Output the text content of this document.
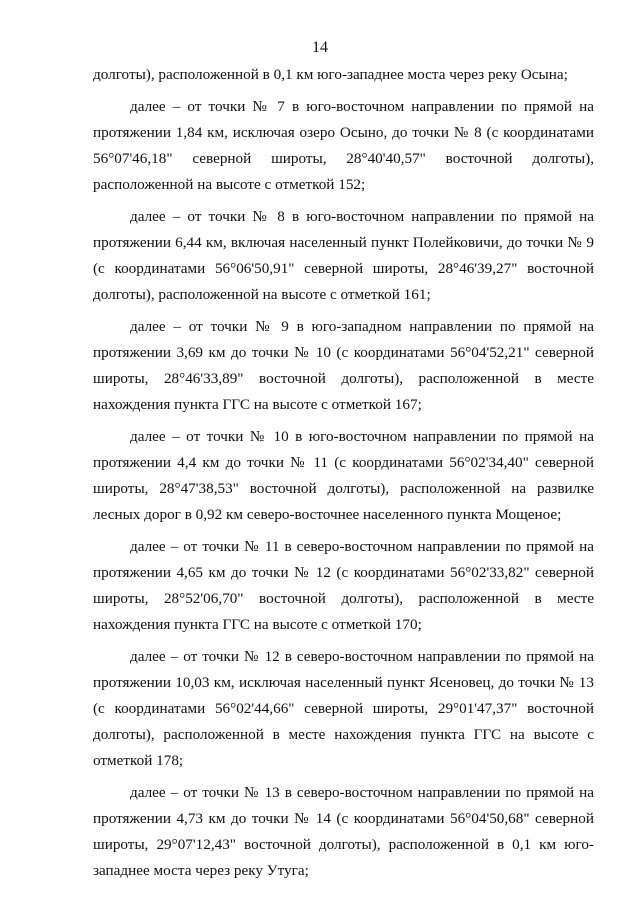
14

долготы), расположенной в 0,1 км юго-западнее моста через реку Осына;

далее – от точки № 7 в юго-восточном направлении по прямой на протяжении 1,84 км, исключая озеро Осыно, до точки № 8 (с координатами 56°07'46,18" северной широты, 28°40'40,57" восточной долготы), расположенной на высоте с отметкой 152;

далее – от точки № 8 в юго-восточном направлении по прямой на протяжении 6,44 км, включая населенный пункт Полейковичи, до точки № 9 (с координатами 56°06'50,91" северной широты, 28°46'39,27" восточной долготы), расположенной на высоте с отметкой 161;

далее – от точки № 9 в юго-западном направлении по прямой на протяжении 3,69 км до точки № 10 (с координатами 56°04'52,21" северной широты, 28°46'33,89" восточной долготы), расположенной в месте нахождения пункта ГГС на высоте с отметкой 167;

далее – от точки № 10 в юго-восточном направлении по прямой на протяжении 4,4 км до точки № 11 (с координатами 56°02'34,40" северной широты, 28°47'38,53" восточной долготы), расположенной на развилке лесных дорог в 0,92 км северо-восточнее населенного пункта Мощеное;

далее – от точки № 11 в северо-восточном направлении по прямой на протяжении 4,65 км до точки № 12 (с координатами 56°02'33,82" северной широты, 28°52'06,70" восточной долготы), расположенной в месте нахождения пункта ГГС на высоте с отметкой 170;

далее – от точки № 12 в северо-восточном направлении по прямой на протяжении 10,03 км, исключая населенный пункт Ясеновец, до точки № 13 (с координатами 56°02'44,66" северной широты, 29°01'47,37" восточной долготы), расположенной в месте нахождения пункта ГГС на высоте с отметкой 178;

далее – от точки № 13 в северо-восточном направлении по прямой на протяжении 4,73 км до точки № 14 (с координатами 56°04'50,68" северной широты, 29°07'12,43" восточной долготы), расположенной в 0,1 км юго-западнее моста через реку Утуга;
